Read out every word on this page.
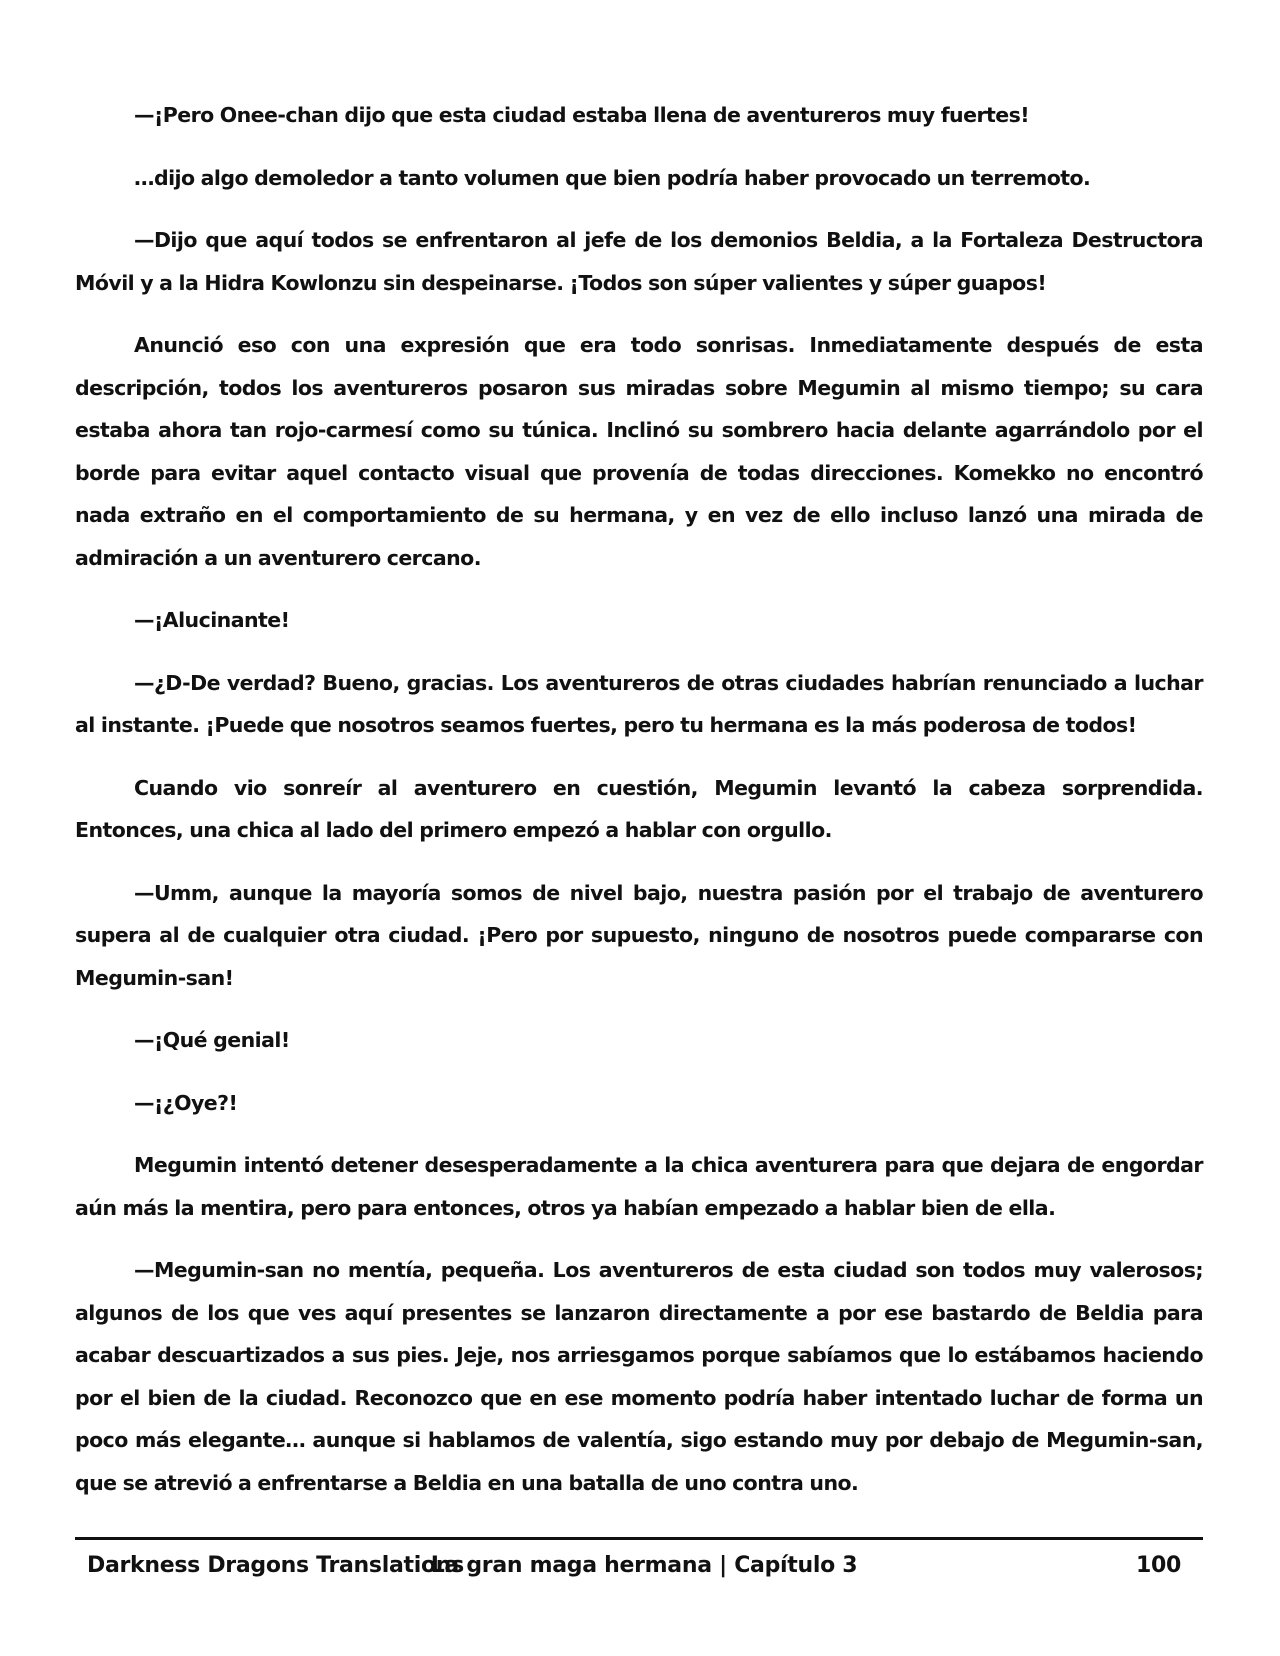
—¡Pero Onee-chan dijo que esta ciudad estaba llena de aventureros muy fuertes!

…dijo algo demoledor a tanto volumen que bien podría haber provocado un terremoto.

—Dijo que aquí todos se enfrentaron al jefe de los demonios Beldia, a la Fortaleza Destructora Móvil y a la Hidra Kowlonzu sin despeinarse. ¡Todos son súper valientes y súper guapos!

Anunció eso con una expresión que era todo sonrisas. Inmediatamente después de esta descripción, todos los aventureros posaron sus miradas sobre Megumin al mismo tiempo; su cara estaba ahora tan rojo-carmesí como su túnica. Inclinó su sombrero hacia delante agarrándolo por el borde para evitar aquel contacto visual que provenía de todas direcciones. Komekko no encontró nada extraño en el comportamiento de su hermana, y en vez de ello incluso lanzó una mirada de admiración a un aventurero cercano.

—¡Alucinante!

—¿D-De verdad? Bueno, gracias. Los aventureros de otras ciudades habrían renunciado a luchar al instante. ¡Puede que nosotros seamos fuertes, pero tu hermana es la más poderosa de todos!

Cuando vio sonreír al aventurero en cuestión, Megumin levantó la cabeza sorprendida. Entonces, una chica al lado del primero empezó a hablar con orgullo.

—Umm, aunque la mayoría somos de nivel bajo, nuestra pasión por el trabajo de aventurero supera al de cualquier otra ciudad. ¡Pero por supuesto, ninguno de nosotros puede compararse con Megumin-san!

—¡Qué genial!

—¡¿Oye?!

Megumin intentó detener desesperadamente a la chica aventurera para que dejara de engordar aún más la mentira, pero para entonces, otros ya habían empezado a hablar bien de ella.

—Megumin-san no mentía, pequeña. Los aventureros de esta ciudad son todos muy valerosos; algunos de los que ves aquí presentes se lanzaron directamente a por ese bastardo de Beldia para acabar descuartizados a sus pies. Jeje, nos arriesgamos porque sabíamos que lo estábamos haciendo por el bien de la ciudad. Reconozco que en ese momento podría haber intentado luchar de forma un poco más elegante… aunque si hablamos de valentía, sigo estando muy por debajo de Megumin-san, que se atrevió a enfrentarse a Beldia en una batalla de uno contra uno.

Darkness Dragons Translations
La gran maga hermana | Capítulo 3	100
